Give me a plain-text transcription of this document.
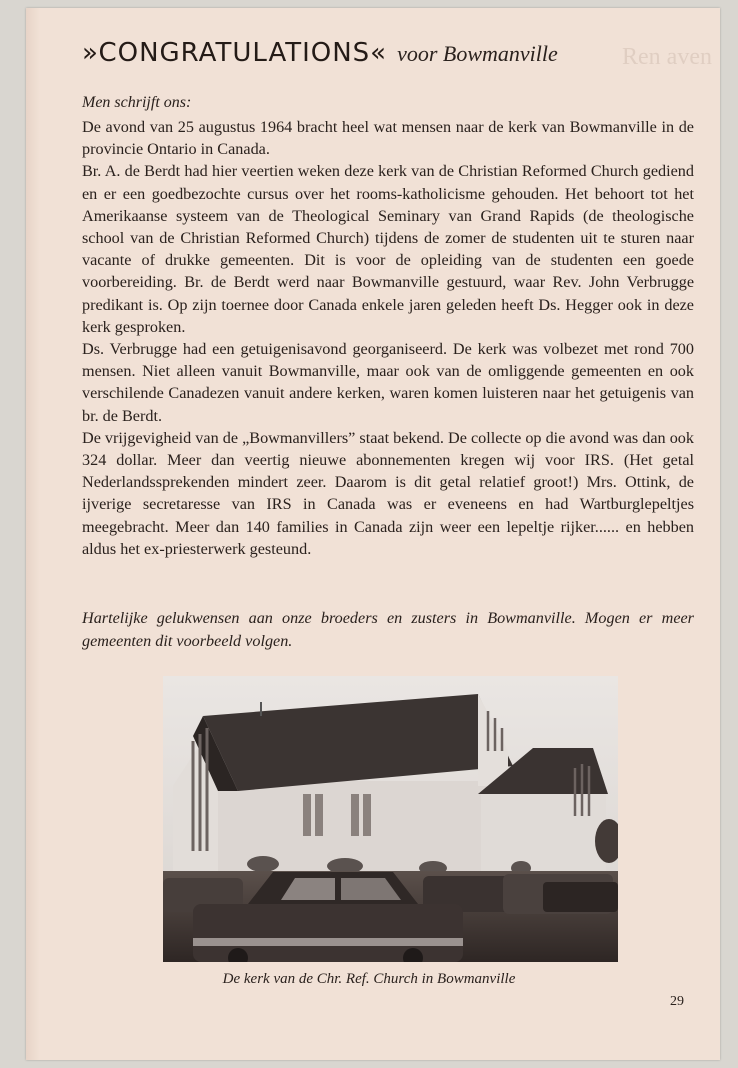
»CONGRATULATIONS« voor Bowmanville	Ren aven
Men schrijft ons:

De avond van 25 augustus 1964 bracht heel wat mensen naar de kerk van Bowmanville in de provincie Ontario in Canada.

Br. A. de Berdt had hier veertien weken deze kerk van de Christian Reformed Church gediend en er een goedbezochte cursus over het rooms-katholicisme gehouden. Het behoort tot het Amerikaanse systeem van de Theological Seminary van Grand Rapids (de theologische school van de Christian Reformed Church) tijdens de zomer de studenten uit te sturen naar vacante of drukke gemeenten. Dit is voor de opleiding van de studenten een goede voorbereiding. Br. de Berdt werd naar Bowmanville gestuurd, waar Rev. John Verbrugge predikant is. Op zijn toernee door Canada enkele jaren geleden heeft Ds. Hegger ook in deze kerk gesproken.

Ds. Verbrugge had een getuigenisavond georganiseerd. De kerk was volbezet met rond 700 mensen. Niet alleen vanuit Bowmanville, maar ook van de omliggende gemeenten en ook verschilende Canadezen vanuit andere kerken, waren komen luisteren naar het getuigenis van br. de Berdt.

De vrijgevigheid van de „Bowmanvillers” staat bekend. De collecte op die avond was dan ook 324 dollar. Meer dan veertig nieuwe abonnementen kregen wij voor IRS. (Het getal Nederlandssprekenden mindert zeer. Daarom is dit getal relatief groot!) Mrs. Ottink, de ijverige secretaresse van IRS in Canada was er eveneens en had Wartburglepeltjes meegebracht. Meer dan 140 families in Canada zijn weer een lepeltje rijker...... en hebben aldus het ex-priesterwerk gesteund.

Hartelijke gelukwensen aan onze broeders en zusters in Bowmanville. Mogen er meer gemeenten dit voorbeeld volgen.
De kerk van de Chr. Ref. Church in Bowmanville
29
